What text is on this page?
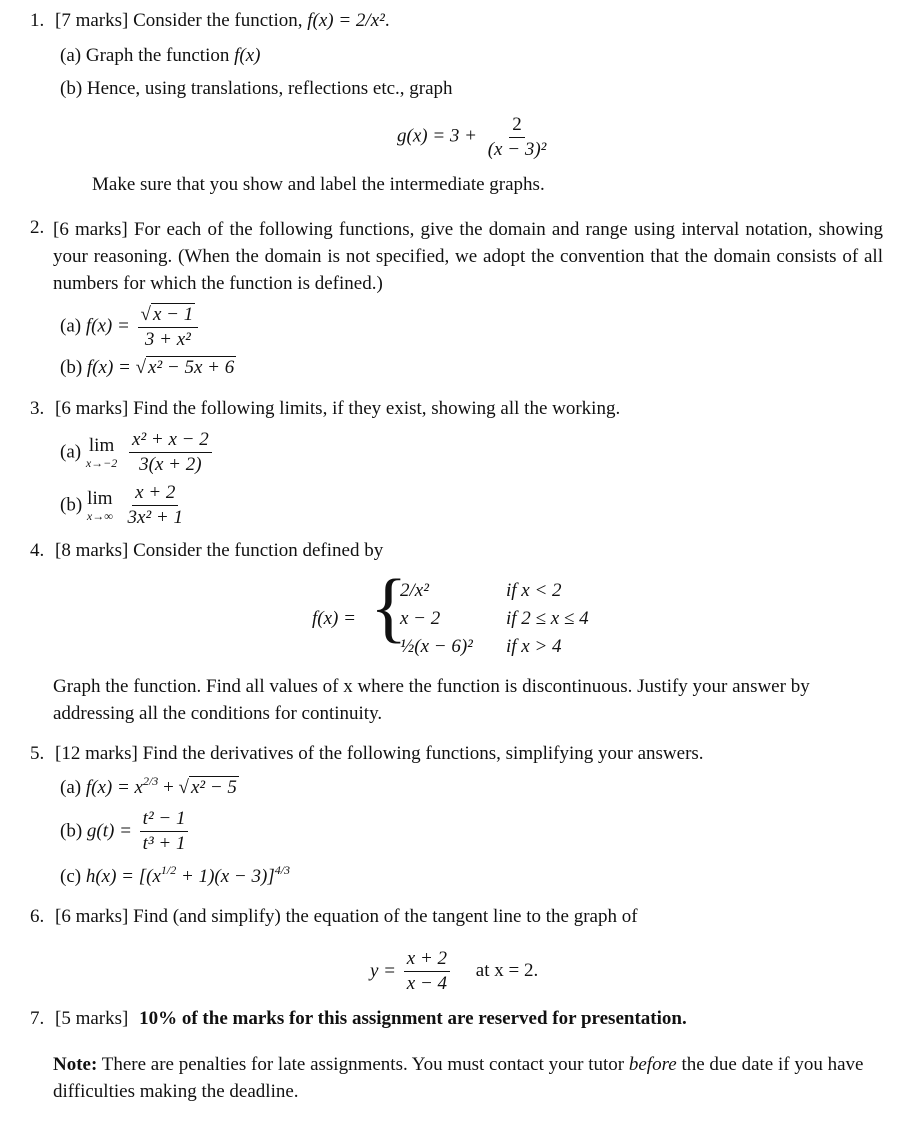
1. [7 marks] Consider the function, f(x) = 2/x².
(a) Graph the function f(x)
(b) Hence, using translations, reflections etc., graph
$g(x) = 3 + \frac{2}{\text{(x − 3)²}}$
Make sure that you show and label the intermediate graphs.
2. [6 marks] For each of the following functions, give the domain and range using interval notation, showing your reasoning. (When the domain is not specified, we adopt the convention that the domain consists of all numbers for which the function is defined.)

(a) $f(x) = \frac{√ x - 1}{\text{3 + x²}}$
(b) f(x) = √ x² − 5x + 6
3. [6 marks] Find the following limits, if they exist, showing all the working.
(a) lim
x→−2
$\frac{\text{x² + x − 2}}{3(x + 2)}$
(b) lim
x→∞
$\frac{x + 2}{\text{3x² + 1}}$
4. [8 marks] Consider the function defined by
f(x) = {
2/x²	if x < 2
x − 2	if 2 ≤ x ≤ 4
½(x − 6)² if x > 4

Graph the function. Find all values of x where the function is discontinuous. Justify your answer by addressing all the conditions for continuity.

5. [12 marks] Find the derivatives of the following functions, simplifying your answers.
(a) $f(x) = x^{2/3}$ + √ x² − 5
(b) $g(t) = \frac{\text{t² − 1}}{\text{t³ + 1}}$
(c) $h(x) = [(x^{1/2} + 1)(x - 3)]^{4/3}$
6. [6 marks] Find (and simplify) the equation of the tangent line to the graph of
$y = \frac{x + 2}{x - 4}$ at x = 2.
7. [5 marks] 10% of the marks for this assignment are reserved for presentation.

Note: There are penalties for late assignments. You must contact your tutor before the due date if you have difficulties making the deadline.
